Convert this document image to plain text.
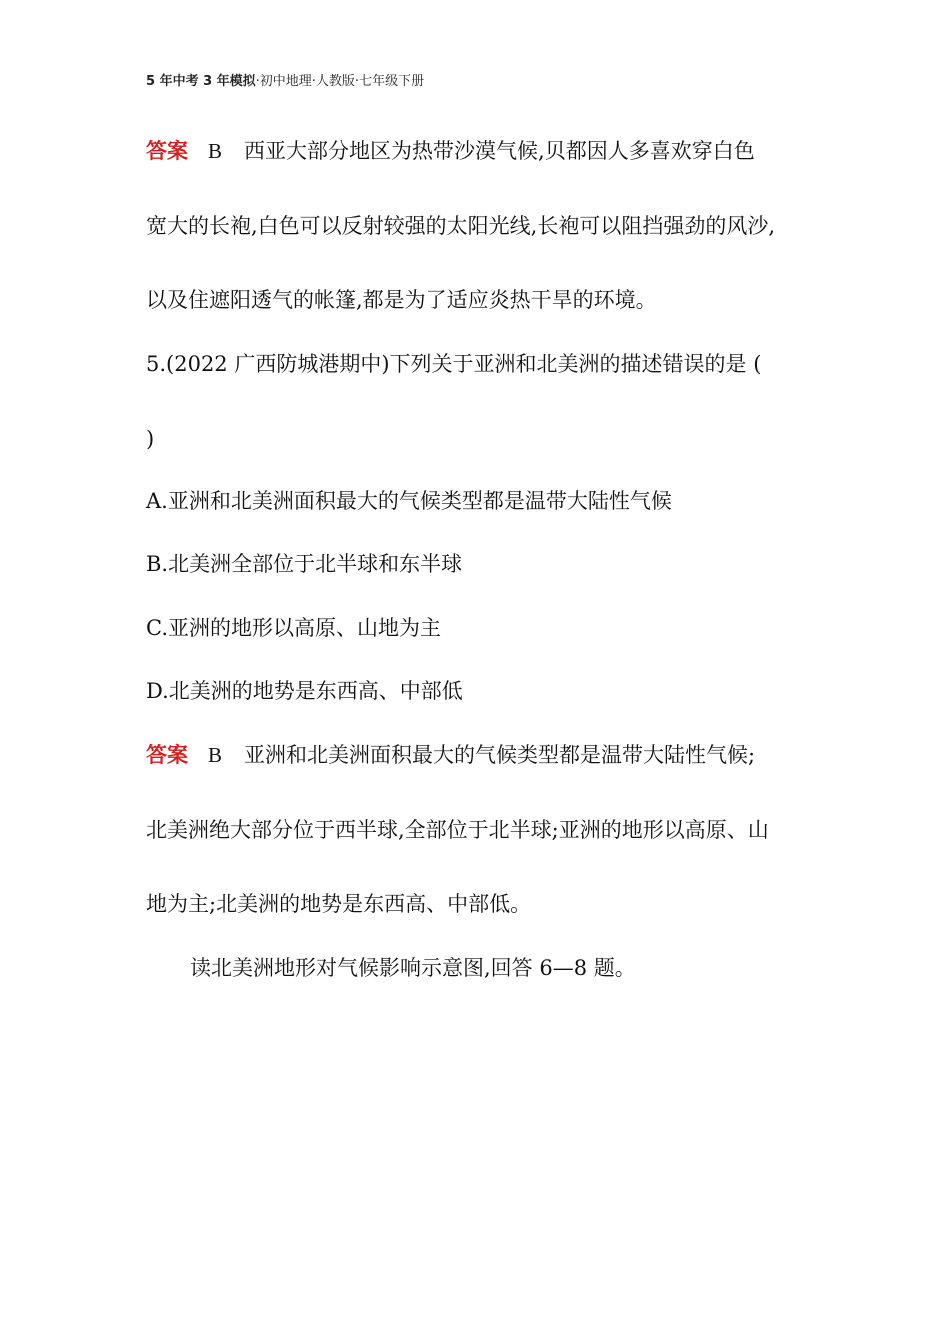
5 年中考 3 年模拟·初中地理·人教版·七年级下册
答案 B 西亚大部分地区为热带沙漠气候,贝都因人多喜欢穿白色
宽大的长袍,白色可以反射较强的太阳光线,长袍可以阻挡强劲的风沙,
以及住遮阳透气的帐篷,都是为了适应炎热干旱的环境。
5.(2022 广西防城港期中)下列关于亚洲和北美洲的描述错误的是 (
)
A.亚洲和北美洲面积最大的气候类型都是温带大陆性气候
B.北美洲全部位于北半球和东半球
C.亚洲的地形以高原、山地为主
D.北美洲的地势是东西高、中部低
答案 B 亚洲和北美洲面积最大的气候类型都是温带大陆性气候;
北美洲绝大部分位于西半球,全部位于北半球;亚洲的地形以高原、山
地为主;北美洲的地势是东西高、中部低。
读北美洲地形对气候影响示意图,回答 6—8 题。
